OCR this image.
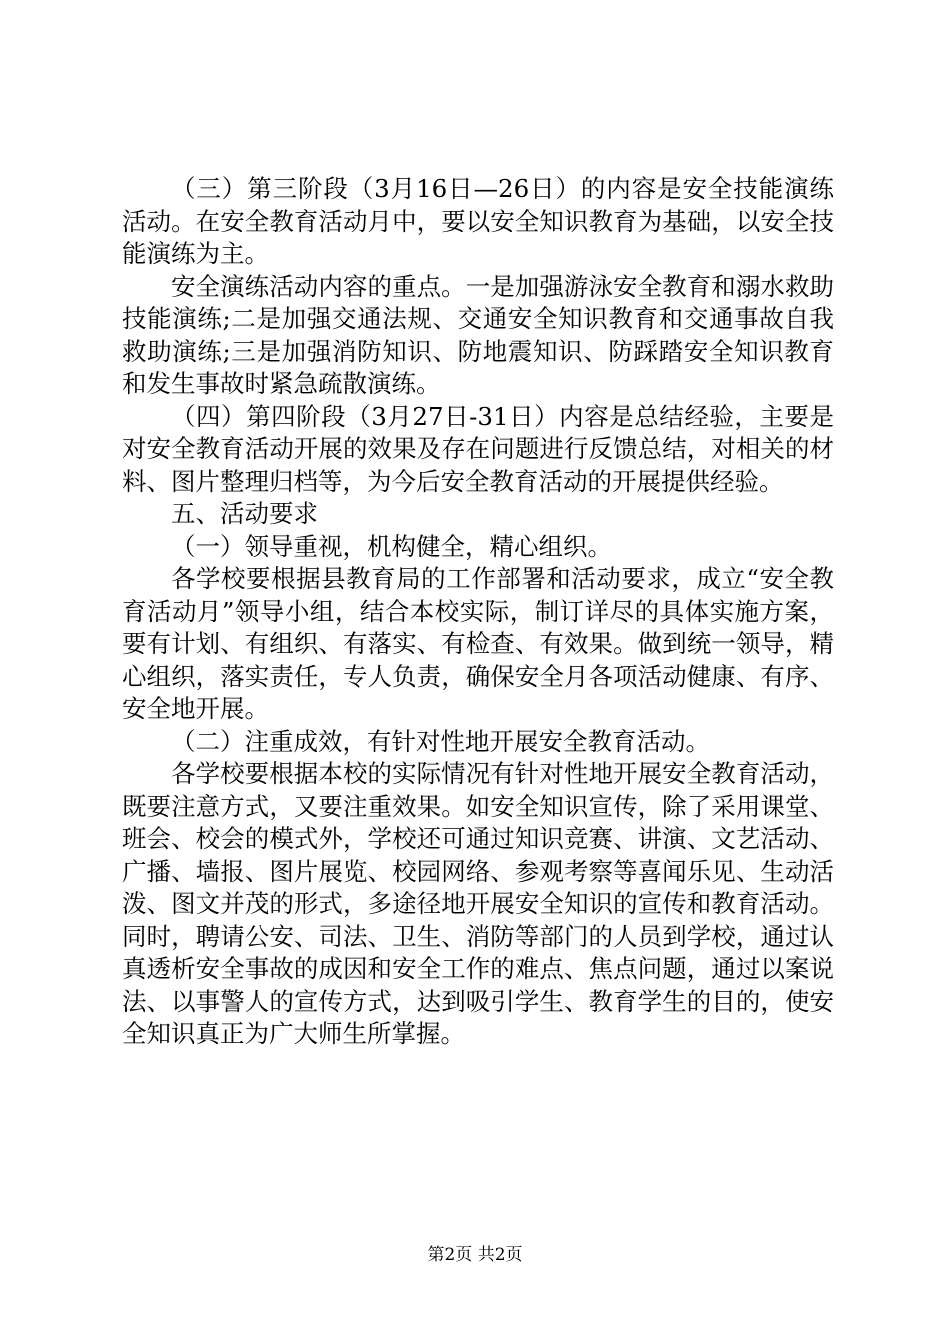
（三）第三阶段（3月16日—26日）的内容是安全技能演练活动。在安全教育活动月中，要以安全知识教育为基础，以安全技能演练为主。

安全演练活动内容的重点。一是加强游泳安全教育和溺水救助技能演练;二是加强交通法规、交通安全知识教育和交通事故自我救助演练;三是加强消防知识、防地震知识、防踩踏安全知识教育和发生事故时紧急疏散演练。

（四）第四阶段（3月27日-31日）内容是总结经验，主要是对安全教育活动开展的效果及存在问题进行反馈总结，对相关的材料、图片整理归档等，为今后安全教育活动的开展提供经验。

五、活动要求

（一）领导重视，机构健全，精心组织。

各学校要根据县教育局的工作部署和活动要求，成立“安全教育活动月”领导小组，结合本校实际，制订详尽的具体实施方案，要有计划、有组织、有落实、有检查、有效果。做到统一领导，精心组织，落实责任，专人负责，确保安全月各项活动健康、有序、安全地开展。

（二）注重成效，有针对性地开展安全教育活动。

各学校要根据本校的实际情况有针对性地开展安全教育活动，既要注意方式，又要注重效果。如安全知识宣传，除了采用课堂、班会、校会的模式外，学校还可通过知识竞赛、讲演、文艺活动、广播、墙报、图片展览、校园网络、参观考察等喜闻乐见、生动活泼、图文并茂的形式，多途径地开展安全知识的宣传和教育活动。同时，聘请公安、司法、卫生、消防等部门的人员到学校，通过认真透析安全事故的成因和安全工作的难点、焦点问题，通过以案说法、以事警人的宣传方式，达到吸引学生、教育学生的目的，使安全知识真正为广大师生所掌握。

第2页 共2页
